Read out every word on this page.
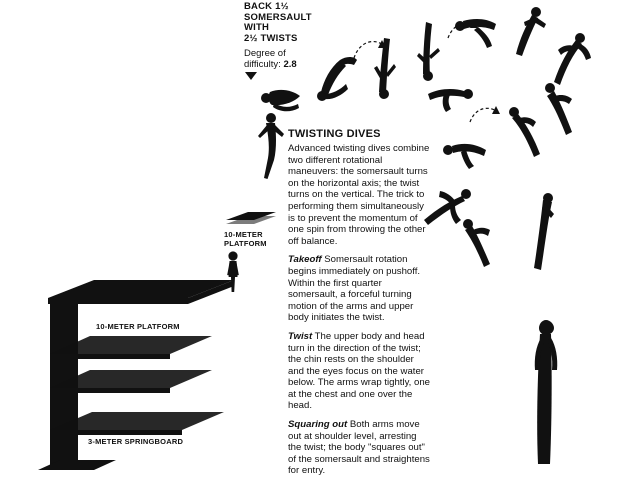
BACK 1½
SOMERSAULT
WITH
2½ TWISTS
Degree of
difficulty: 2.8
TWISTING DIVES

Advanced twisting dives combine two different rotational maneuvers: the somersault turns on the horizontal axis; the twist turns on the vertical. The trick to performing them simultaneously is to prevent the momentum of one spin from throwing the other off balance.

Takeoff Somersault rotation begins immediately on pushoff. Within the first quarter somersault, a forceful turning motion of the arms and upper body initiates the twist.

Twist The upper body and head turn in the direction of the twist; the chin rests on the shoulder and the eyes focus on the water below. The arms wrap tightly, one at the chest and one over the head.

Squaring out Both arms move out at shoulder level, arresting the twist; the body "squares out" of the somersault and straightens for entry.

10-METER PLATFORM
10-METER PLATFORM
3-METER SPRINGBOARD
